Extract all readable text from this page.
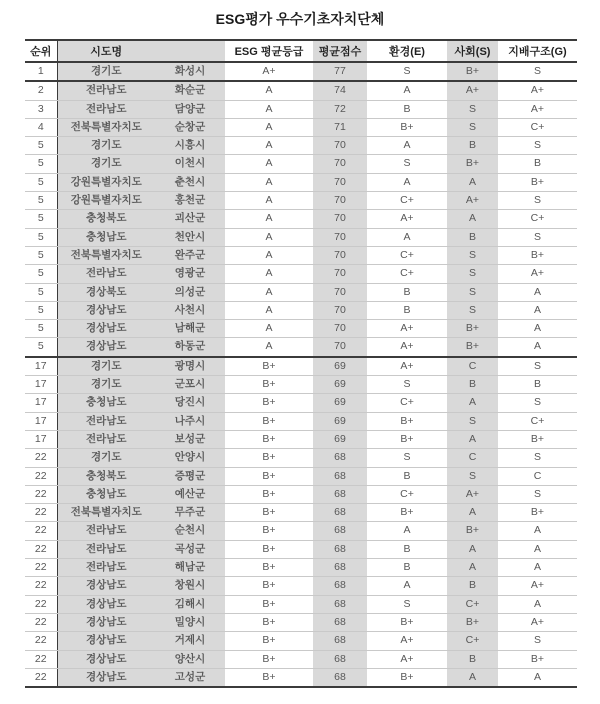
ESG평가 우수기초자치단체
순위	시도명		ESG 평균등급	평균점수	환경(E)	사회(S)	지배구조(G)
1	경기도	화성시	A+	77	S	B+	S
2	전라남도	화순군	A	74	A	A+	A+
3	전라남도	담양군	A	72	B	S	A+
4	전북특별자치도	순창군	A	71	B+	S	C+
5	경기도	시흥시	A	70	A	B	S
5	경기도	이천시	A	70	S	B+	B
5	강원특별자치도	춘천시	A	70	A	A	B+
5	강원특별자치도	홍천군	A	70	C+	A+	S
5	충청북도	괴산군	A	70	A+	A	C+
5	충청남도	천안시	A	70	A	B	S
5	전북특별자치도	완주군	A	70	C+	S	B+
5	전라남도	영광군	A	70	C+	S	A+
5	경상북도	의성군	A	70	B	S	A
5	경상남도	사천시	A	70	B	S	A
5	경상남도	남해군	A	70	A+	B+	A
5	경상남도	하동군	A	70	A+	B+	A
17	경기도	광명시	B+	69	A+	C	S
17	경기도	군포시	B+	69	S	B	B
17	충청남도	당진시	B+	69	C+	A	S
17	전라남도	나주시	B+	69	B+	S	C+
17	전라남도	보성군	B+	69	B+	A	B+
22	경기도	안양시	B+	68	S	C	S
22	충청북도	증평군	B+	68	B	S	C
22	충청남도	예산군	B+	68	C+	A+	S
22	전북특별자치도	무주군	B+	68	B+	A	B+
22	전라남도	순천시	B+	68	A	B+	A
22	전라남도	곡성군	B+	68	B	A	A
22	전라남도	해남군	B+	68	B	A	A
22	경상남도	창원시	B+	68	A	B	A+
22	경상남도	김해시	B+	68	S	C+	A
22	경상남도	밀양시	B+	68	B+	B+	A+
22	경상남도	거제시	B+	68	A+	C+	S
22	경상남도	양산시	B+	68	A+	B	B+
22	경상남도	고성군	B+	68	B+	A	A
